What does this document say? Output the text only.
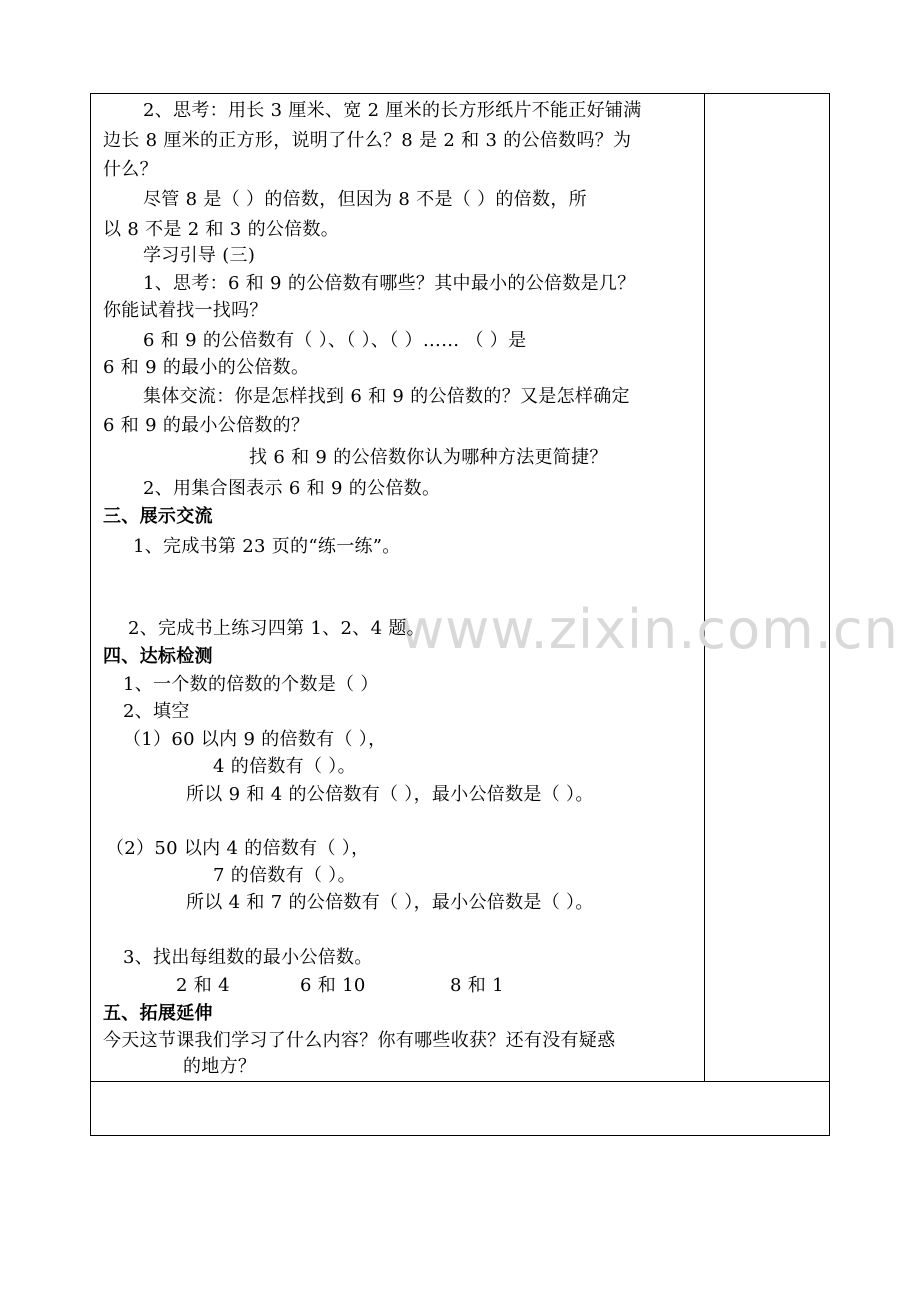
www.zixin.com.cn
2、思考：用长 3 厘米、宽 2 厘米的长方形纸片不能正好铺满
边长 8 厘米的正方形，说明了什么？8 是 2 和 3 的公倍数吗？为
什么？
尽管 8 是（ ）的倍数，但因为 8 不是（ ）的倍数，所
以 8 不是 2 和 3 的公倍数。
学习引导 (三)
1、思考：6 和 9 的公倍数有哪些？其中最小的公倍数是几？
你能试着找一找吗？
6 和 9 的公倍数有（ ）、（ ）、（ ）…… （ ）是
6 和 9 的最小的公倍数。
集体交流：你是怎样找到 6 和 9 的公倍数的？又是怎样确定
6 和 9 的最小公倍数的？
找 6 和 9 的公倍数你认为哪种方法更简捷？
2、用集合图表示 6 和 9 的公倍数。
三、展示交流
1、完成书第 23 页的“练一练”。
2、完成书上练习四第 1、2、4 题。
四、达标检测
1、一个数的倍数的个数是（ ）
2、填空
（1）60 以内 9 的倍数有（ ），
4 的倍数有（ ）。
所以 9 和 4 的公倍数有（ ），最小公倍数是（ ）。
（2）50 以内 4 的倍数有（ ），
7 的倍数有（ ）。
所以 4 和 7 的公倍数有（ ），最小公倍数是（ ）。
3、找出每组数的最小公倍数。
2 和 4	6 和 10	8 和 1
五、拓展延伸
今天这节课我们学习了什么内容？你有哪些收获？还有没有疑惑
的地方？
